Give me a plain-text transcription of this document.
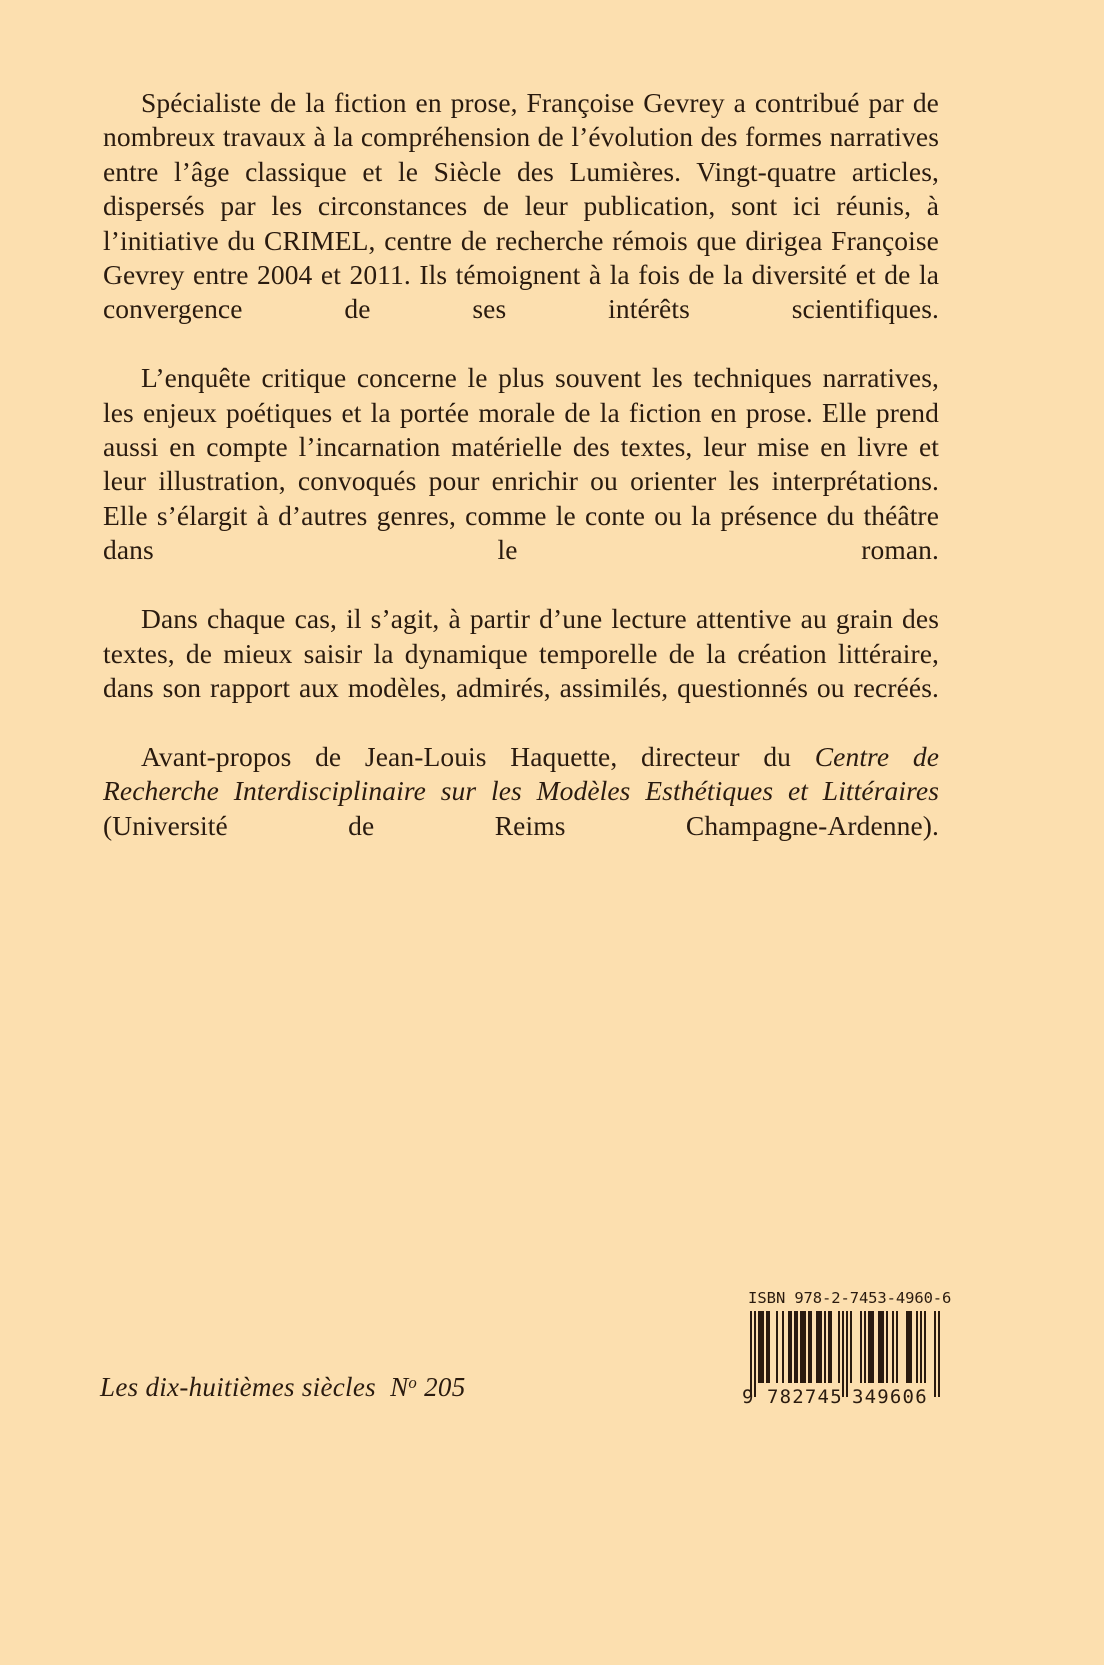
Spécialiste de la fiction en prose, Françoise Gevrey a contribué par de nombreux travaux à la compréhension de l’évolution des formes narratives entre l’âge classique et le Siècle des Lumières. Vingt-quatre articles, dispersés par les circonstances de leur publication, sont ici réunis, à l’initiative du CRIMEL, centre de recherche rémois que dirigea Françoise Gevrey entre 2004 et 2011. Ils témoignent à la fois de la diversité et de la convergence de ses intérêts scientifiques.

L’enquête critique concerne le plus souvent les techniques narratives, les enjeux poétiques et la portée morale de la fiction en prose. Elle prend aussi en compte l’incarnation matérielle des textes, leur mise en livre et leur illustration, convoqués pour enrichir ou orienter les interprétations. Elle s’élargit à d’autres genres, comme le conte ou la présence du théâtre dans le roman.

Dans chaque cas, il s’agit, à partir d’une lecture attentive au grain des textes, de mieux saisir la dynamique temporelle de la création littéraire, dans son rapport aux modèles, admirés, assimilés, questionnés ou recréés.

Avant-propos de Jean-Louis Haquette, directeur du Centre de Recherche Interdisciplinaire sur les Modèles Esthétiques et Littéraires (Université de Reims Champagne-Ardenne).

Les dix-huitièmes siècles $N^o$ 205
ISBN 978-2-7453-4960-6
9 782745 349606
